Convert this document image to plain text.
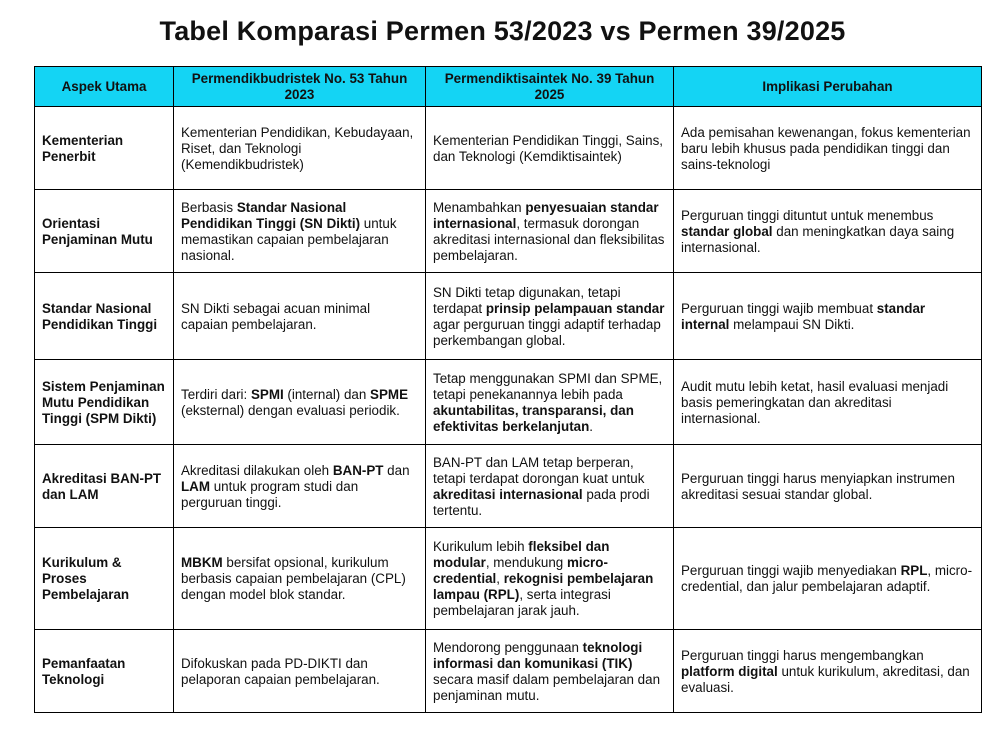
Tabel Komparasi Permen 53/2023 vs Permen 39/2025
Aspek Utama	Permendikbudristek No. 53 Tahun 2023	Permendiktisaintek No. 39 Tahun 2025	Implikasi Perubahan
Kementerian Penerbit	Kementerian Pendidikan, Kebudayaan, Riset, dan Teknologi (Kemendikbudristek)	Kementerian Pendidikan Tinggi, Sains, dan Teknologi (Kemdiktisaintek)	Ada pemisahan kewenangan, fokus kementerian baru lebih khusus pada pendidikan tinggi dan sains-teknologi
Orientasi Penjaminan Mutu	Berbasis Standar Nasional Pendidikan Tinggi (SN Dikti) untuk memastikan capaian pembelajaran nasional.	Menambahkan penyesuaian standar internasional, termasuk dorongan akreditasi internasional dan fleksibilitas pembelajaran.	Perguruan tinggi dituntut untuk menembus standar global dan meningkatkan daya saing internasional.
Standar Nasional Pendidikan Tinggi	SN Dikti sebagai acuan minimal capaian pembelajaran.	SN Dikti tetap digunakan, tetapi terdapat prinsip pelampauan standar agar perguruan tinggi adaptif terhadap perkembangan global.	Perguruan tinggi wajib membuat standar internal melampaui SN Dikti.
Sistem Penjaminan Mutu Pendidikan Tinggi (SPM Dikti)	Terdiri dari: SPMI (internal) dan SPME (eksternal) dengan evaluasi periodik.	Tetap menggunakan SPMI dan SPME, tetapi penekanannya lebih pada akuntabilitas, transparansi, dan efektivitas berkelanjutan.	Audit mutu lebih ketat, hasil evaluasi menjadi basis pemeringkatan dan akreditasi internasional.
Akreditasi BAN-PT dan LAM	Akreditasi dilakukan oleh BAN-PT dan LAM untuk program studi dan perguruan tinggi.	BAN-PT dan LAM tetap berperan, tetapi terdapat dorongan kuat untuk akreditasi internasional pada prodi tertentu.	Perguruan tinggi harus menyiapkan instrumen akreditasi sesuai standar global.
Kurikulum & Proses Pembelajaran	MBKM bersifat opsional, kurikulum berbasis capaian pembelajaran (CPL) dengan model blok standar.	Kurikulum lebih fleksibel dan modular, mendukung micro-credential, rekognisi pembelajaran lampau (RPL), serta integrasi pembelajaran jarak jauh.	Perguruan tinggi wajib menyediakan RPL, micro-credential, dan jalur pembelajaran adaptif.
Pemanfaatan Teknologi	Difokuskan pada PD-DIKTI dan pelaporan capaian pembelajaran.	Mendorong penggunaan teknologi informasi dan komunikasi (TIK) secara masif dalam pembelajaran dan penjaminan mutu.	Perguruan tinggi harus mengembangkan platform digital untuk kurikulum, akreditasi, dan evaluasi.
